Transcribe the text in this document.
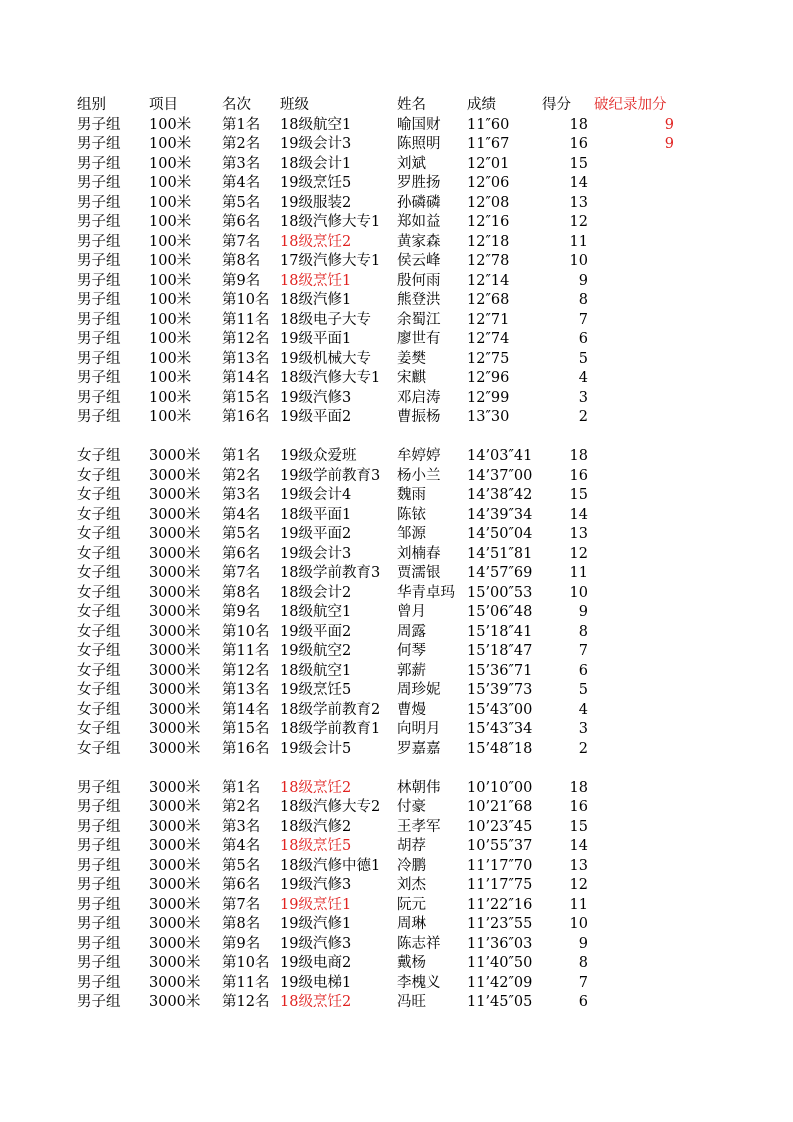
组别	项目	名次 班级	姓名	成绩	得分 破纪录加分
男子组 100米 第1名 18级航空1	喻国财 11″60	18	9
男子组 100米 第2名 19级会计3	陈照明 11″67	16	9
男子组 100米 第3名 18级会计1	刘斌	12″01	15
男子组 100米 第4名 19级烹饪5	罗胜扬 12″06	14
男子组 100米 第5名 19级服装2	孙磷磷 12″08	13
男子组 100米 第6名 18级汽修大专1 郑如益 12″16	12
男子组 100米 第7名 18级烹饪2	黄家森 12″18	11
男子组 100米 第8名 17级汽修大专1 侯云峰 12″78	10
男子组 100米 第9名 18级烹饪1	殷何雨 12″14	9
男子组 100米 第10名 18级汽修1	熊登洪 12″68	8
男子组 100米 第11名 18级电子大专 余蜀江 12″71	7
男子组 100米 第12名 19级平面1	廖世有 12″74	6
男子组 100米 第13名 19级机械大专 姜樊	12″75	5
男子组 100米 第14名 18级汽修大专1 宋麒	12″96	4
男子组 100米 第15名 19级汽修3	邓启涛 12″99	3
男子组 100米 第16名 19级平面2	曹振杨 13″30	2
女子组 3000米 第1名 19级众爱班	牟婷婷 14’03″41	18
女子组 3000米 第2名 19级学前教育3 杨小兰 14’37″00	16
女子组 3000米 第3名 19级会计4	魏雨	14’38″42	15
女子组 3000米 第4名 18级平面1	陈铱	14’39″34	14
女子组 3000米 第5名 19级平面2	邹源	14’50″04	13
女子组 3000米 第6名 19级会计3	刘楠春 14’51″81	12
女子组 3000米 第7名 18级学前教育3 贾濡银 14’57″69	11
女子组 3000米 第8名 18级会计2	华青卓玛 15’00″53	10
女子组 3000米 第9名 18级航空1	曾月	15’06″48	9
女子组 3000米 第10名 19级平面2	周露	15’18″41	8
女子组 3000米 第11名 19级航空2	何琴	15’18″47	7
女子组 3000米 第12名 18级航空1	郭薪	15’36″71	6
女子组 3000米 第13名 19级烹饪5	周珍妮 15’39″73	5
女子组 3000米 第14名 18级学前教育2 曹熳	15’43″00	4
女子组 3000米 第15名 18级学前教育1 向明月 15’43″34	3
女子组 3000米 第16名 19级会计5	罗嘉嘉 15’48″18	2
男子组 3000米 第1名 18级烹饪2	林朝伟 10’10″00	18
男子组 3000米 第2名 18级汽修大专2 付豪	10’21″68	16
男子组 3000米 第3名 18级汽修2	王孝军 10’23″45	15
男子组 3000米 第4名 18级烹饪5	胡荐	10’55″37	14
男子组 3000米 第5名 18级汽修中德1 冷鹏	11’17″70	13
男子组 3000米 第6名 19级汽修3	刘杰	11’17″75	12
男子组 3000米 第7名 19级烹饪1	阮元	11’22″16	11
男子组 3000米 第8名 19级汽修1	周琳	11’23″55	10
男子组 3000米 第9名 19级汽修3	陈志祥 11’36″03	9
男子组 3000米 第10名 19级电商2	戴杨	11’40″50	8
男子组 3000米 第11名 19级电梯1	李槐义 11’42″09	7
男子组 3000米 第12名 18级烹饪2	冯旺	11’45″05	6
